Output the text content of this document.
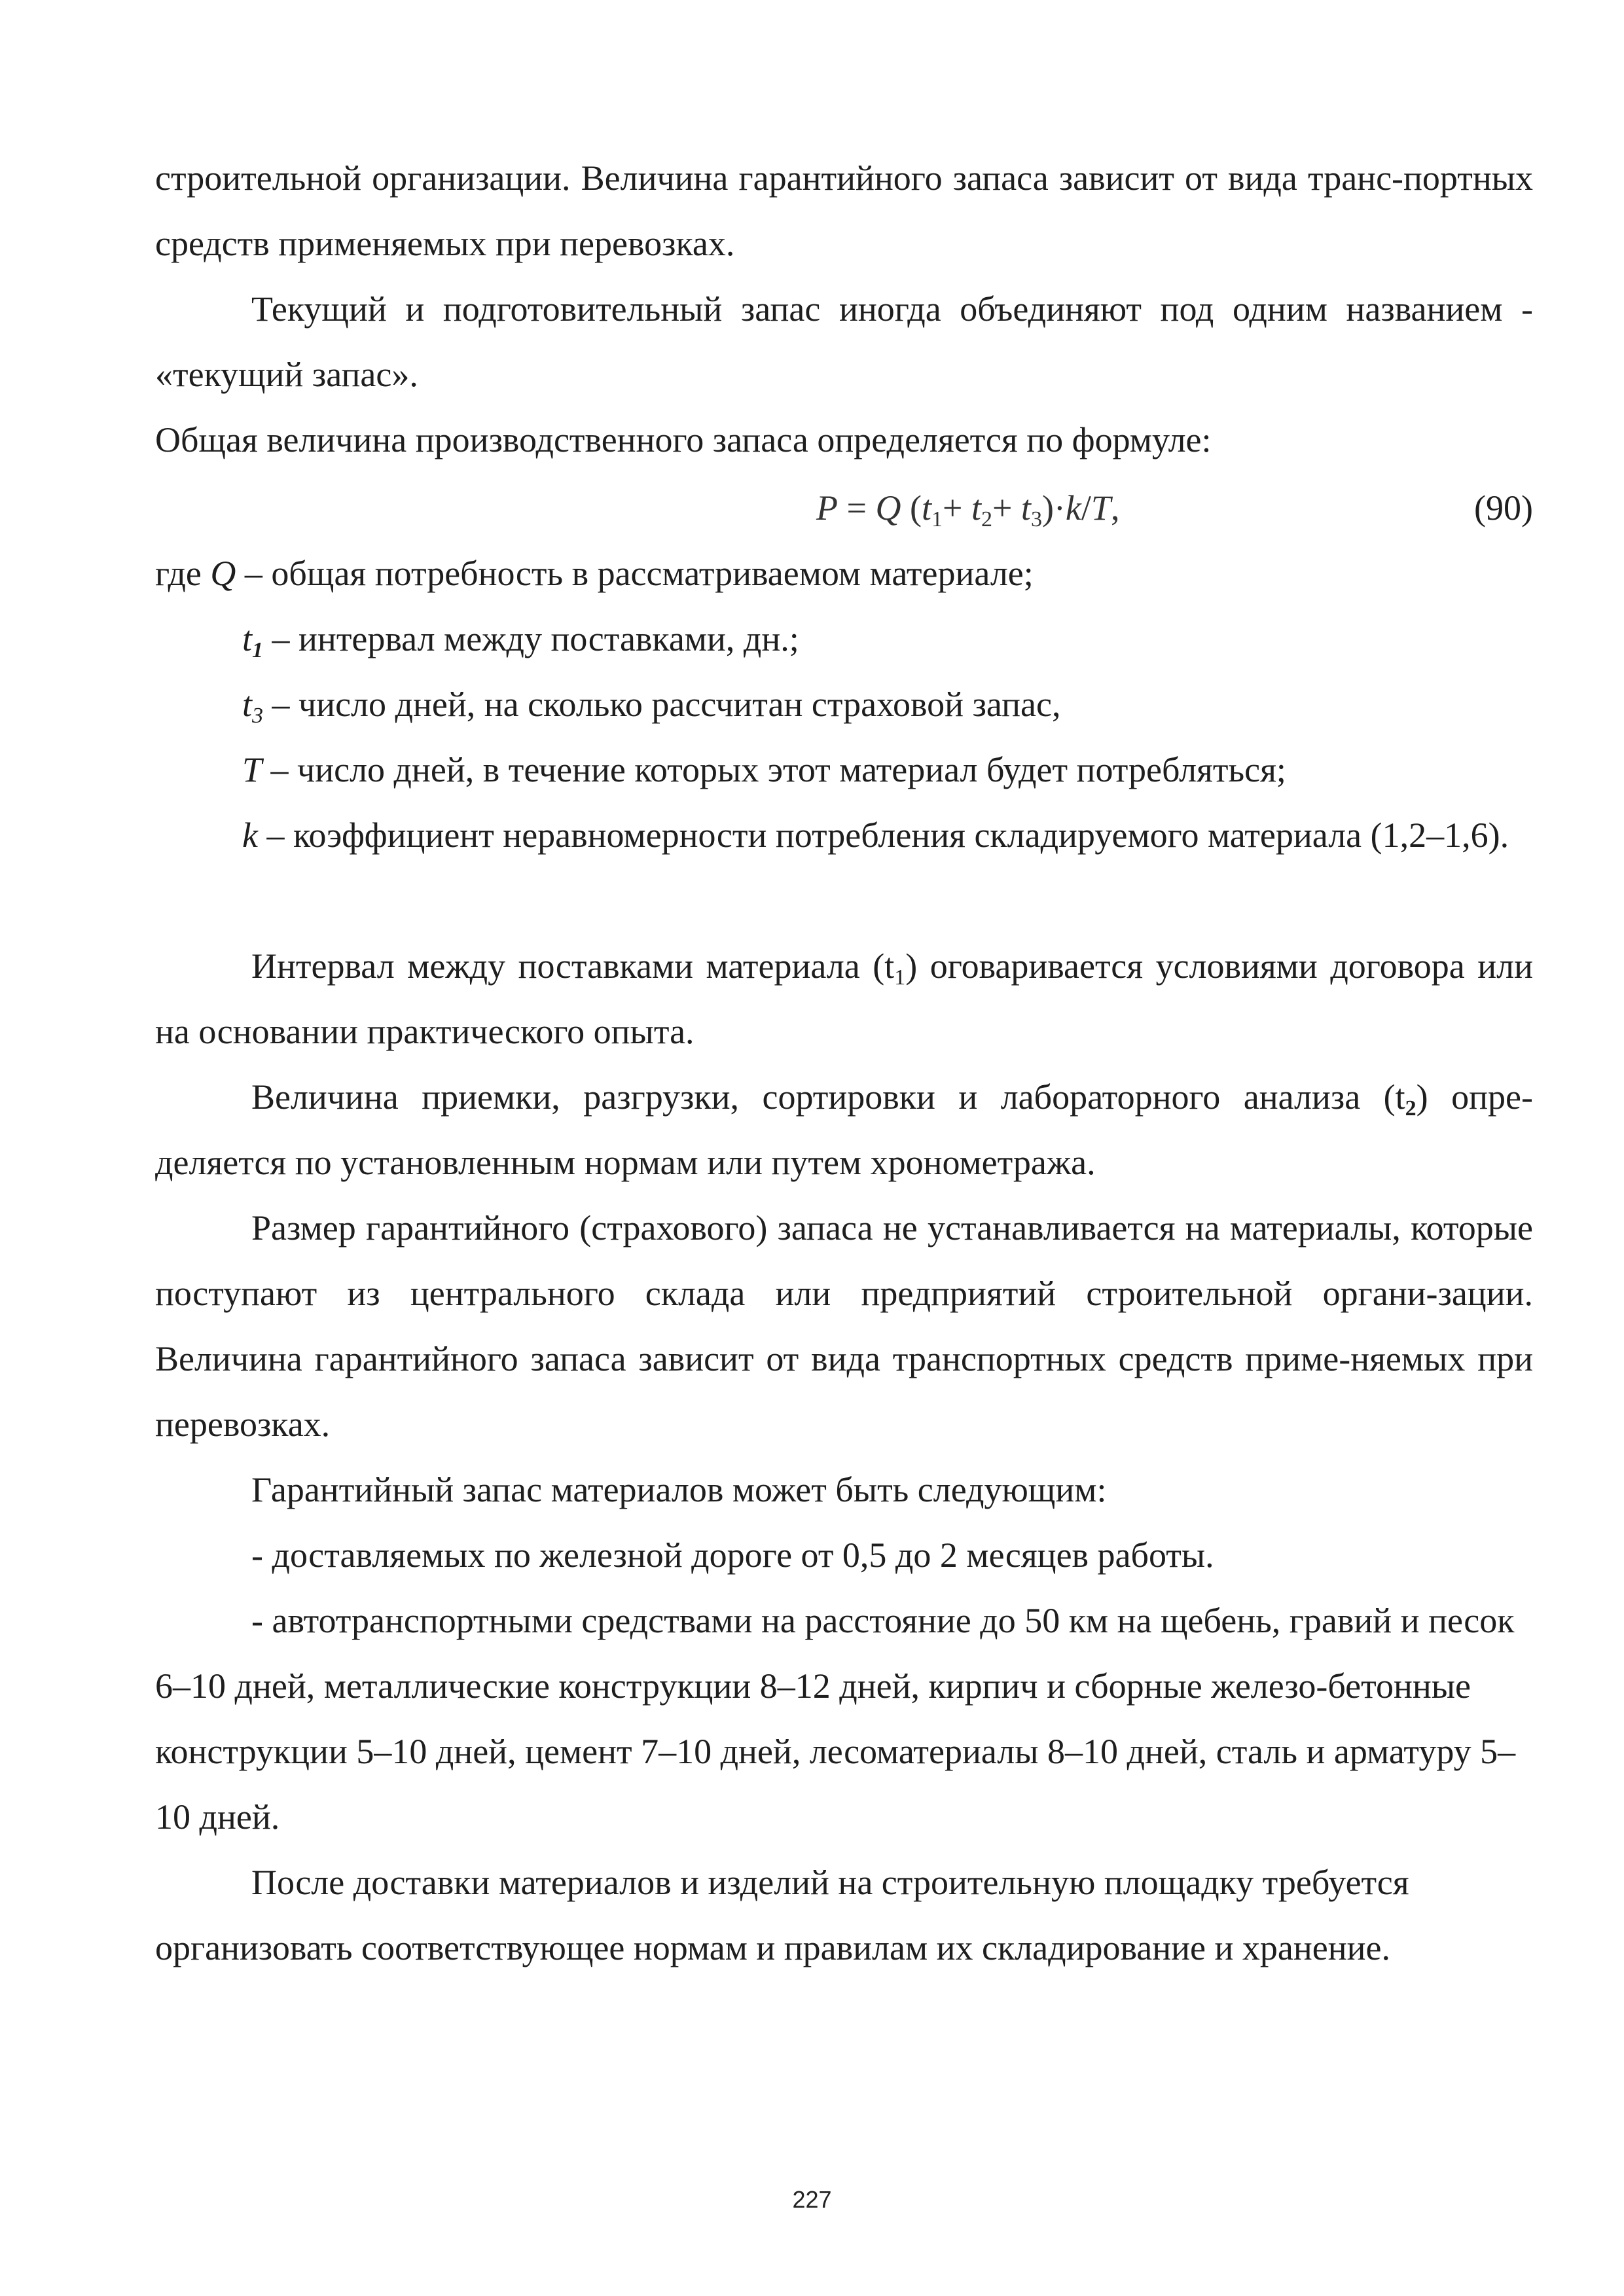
строительной организации. Величина гарантийного запаса зависит от вида транс-портных средств применяемых при перевозках.

Текущий и подготовительный запас иногда объединяют под одним названием - «текущий запас».

Общая величина производственного запаса определяется по формуле:

P = Q $(t_1+ t_2+ t_3)\cdot k/T$,	(90)

где Q – общая потребность в рассматриваемом материале;

$t_1$ – интервал между поставками, дн.;

$t_3$ – число дней, на сколько рассчитан страховой запас,

T – число дней, в течение которых этот материал будет потребляться;

k – коэффициент неравномерности потребления складируемого материала (1,2–1,6).

Интервал между поставками материала $(t_1)$ оговаривается условиями договора или на основании практического опыта.

Величина приемки, разгрузки, сортировки и лабораторного анализа $(t_2)$ опре-деляется по установленным нормам или путем хронометража.

Размер гарантийного (страхового) запаса не устанавливается на материалы, которые поступают из центрального склада или предприятий строительной органи-зации. Величина гарантийного запаса зависит от вида транспортных средств приме-няемых при перевозках.

Гарантийный запас материалов может быть следующим:

- доставляемых по железной дороге от 0,5 до 2 месяцев работы.

- автотранспортными средствами на расстояние до 50 км на щебень, гравий и песок 6–10 дней, металлические конструкции 8–12 дней, кирпич и сборные железо-бетонные конструкции 5–10 дней, цемент 7–10 дней, лесоматериалы 8–10 дней, сталь и арматуру 5–10 дней.

После доставки материалов и изделий на строительную площадку требуется организовать соответствующее нормам и правилам их складирование и хранение.

227
